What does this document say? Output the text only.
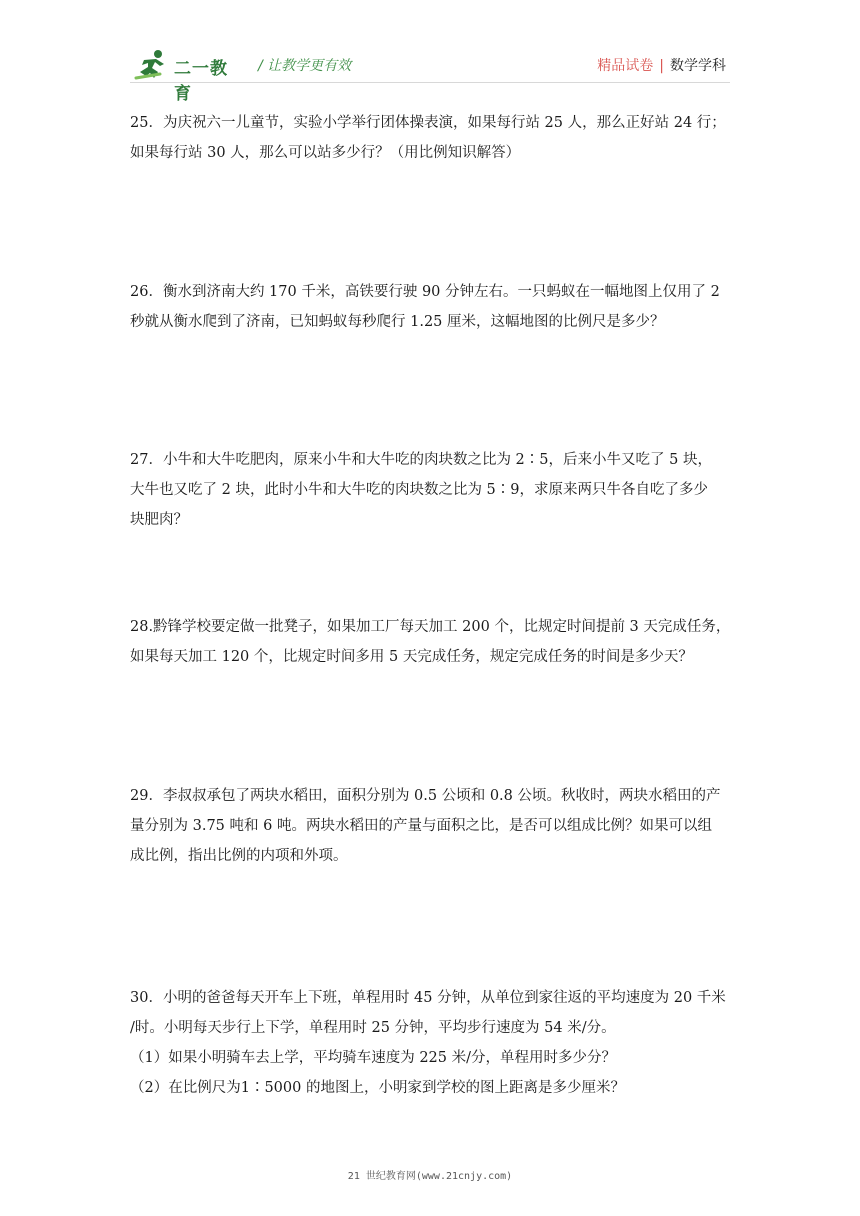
二一教育
/ 让教学更有效	精品试卷 | 数学学科

25．为庆祝六一儿童节，实验小学举行团体操表演，如果每行站 25 人，那么正好站 24 行；

如果每行站 30 人，那么可以站多少行？（用比例知识解答）

26．衡水到济南大约 170 千米，高铁要行驶 90 分钟左右。一只蚂蚁在一幅地图上仅用了 2

秒就从衡水爬到了济南，已知蚂蚁每秒爬行 1.25 厘米，这幅地图的比例尺是多少？

27．小牛和大牛吃肥肉，原来小牛和大牛吃的肉块数之比为 2∶5，后来小牛又吃了 5 块，

大牛也又吃了 2 块，此时小牛和大牛吃的肉块数之比为 5∶9，求原来两只牛各自吃了多少

块肥肉？

28.黔锋学校要定做一批凳子，如果加工厂每天加工 200 个，比规定时间提前 3 天完成任务，

如果每天加工 120 个，比规定时间多用 5 天完成任务，规定完成任务的时间是多少天？

29．李叔叔承包了两块水稻田，面积分别为 0.5 公顷和 0.8 公顷。秋收时，两块水稻田的产

量分别为 3.75 吨和 6 吨。两块水稻田的产量与面积之比，是否可以组成比例？如果可以组

成比例，指出比例的内项和外项。

30．小明的爸爸每天开车上下班，单程用时 45 分钟，从单位到家往返的平均速度为 20 千米

/时。小明每天步行上下学，单程用时 25 分钟，平均步行速度为 54 米/分。

（1）如果小明骑车去上学，平均骑车速度为 225 米/分，单程用时多少分？

（2）在比例尺为1∶5000 的地图上，小明家到学校的图上距离是多少厘米？

21 世纪教育网(www.21cnjy.com)
